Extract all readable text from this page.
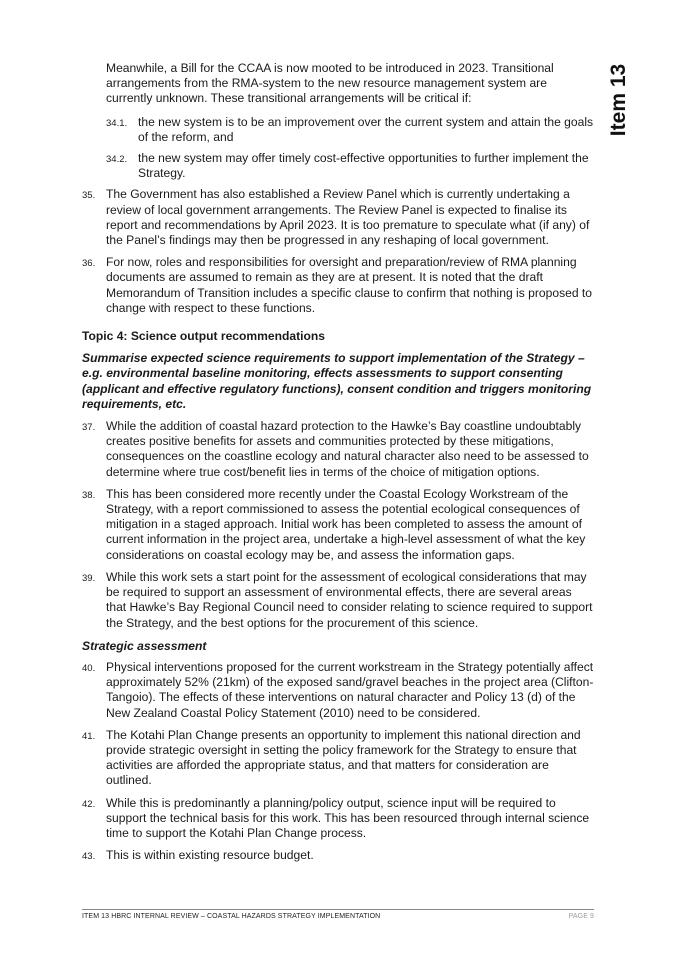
Item 13

Meanwhile, a Bill for the CCAA is now mooted to be introduced in 2023. Transitional arrangements from the RMA-system to the new resource management system are currently unknown. These transitional arrangements will be critical if:

34.1. the new system is to be an improvement over the current system and attain the goals of the reform, and
34.2. the new system may offer timely cost-effective opportunities to further implement the Strategy.
35. The Government has also established a Review Panel which is currently undertaking a review of local government arrangements. The Review Panel is expected to finalise its report and recommendations by April 2023. It is too premature to speculate what (if any) of the Panel’s findings may then be progressed in any reshaping of local government.
36. For now, roles and responsibilities for oversight and preparation/review of RMA planning documents are assumed to remain as they are at present. It is noted that the draft Memorandum of Transition includes a specific clause to confirm that nothing is proposed to change with respect to these functions.
Topic 4: Science output recommendations
Summarise expected science requirements to support implementation of the Strategy – e.g. environmental baseline monitoring, effects assessments to support consenting (applicant and effective regulatory functions), consent condition and triggers monitoring requirements, etc.
37. While the addition of coastal hazard protection to the Hawke’s Bay coastline undoubtably creates positive benefits for assets and communities protected by these mitigations, consequences on the coastline ecology and natural character also need to be assessed to determine where true cost/benefit lies in terms of the choice of mitigation options.
38. This has been considered more recently under the Coastal Ecology Workstream of the Strategy, with a report commissioned to assess the potential ecological consequences of mitigation in a staged approach. Initial work has been completed to assess the amount of current information in the project area, undertake a high-level assessment of what the key considerations on coastal ecology may be, and assess the information gaps.
39. While this work sets a start point for the assessment of ecological considerations that may be required to support an assessment of environmental effects, there are several areas that Hawke’s Bay Regional Council need to consider relating to science required to support the Strategy, and the best options for the procurement of this science.
Strategic assessment
40. Physical interventions proposed for the current workstream in the Strategy potentially affect approximately 52% (21km) of the exposed sand/gravel beaches in the project area (Clifton-Tangoio). The effects of these interventions on natural character and Policy 13 (d) of the New Zealand Coastal Policy Statement (2010) need to be considered.
41. The Kotahi Plan Change presents an opportunity to implement this national direction and provide strategic oversight in setting the policy framework for the Strategy to ensure that activities are afforded the appropriate status, and that matters for consideration are outlined.
42. While this is predominantly a planning/policy output, science input will be required to support the technical basis for this work. This has been resourced through internal science time to support the Kotahi Plan Change process.
43. This is within existing resource budget.
ITEM 13 HBRC INTERNAL REVIEW – COASTAL HAZARDS STRATEGY IMPLEMENTATION	PAGE 9
